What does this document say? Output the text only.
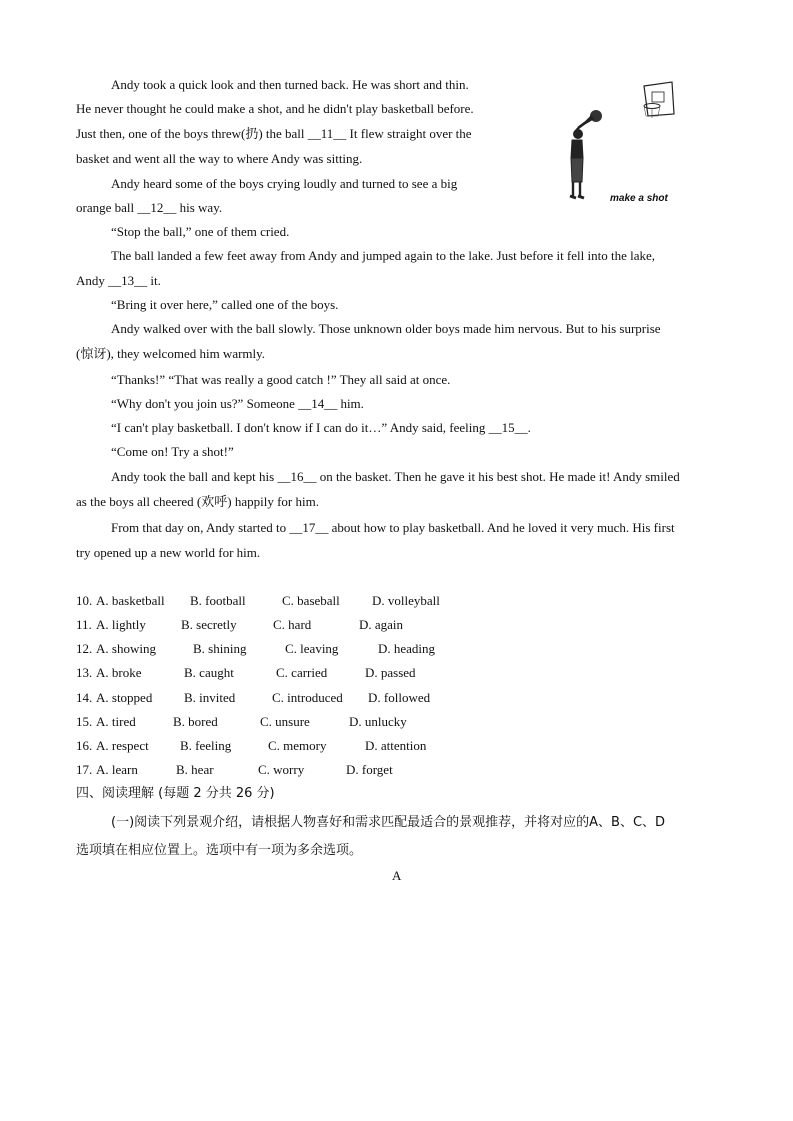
Andy took a quick look and then turned back. He was short and thin.
He never thought he could make a shot, and he didn't play basketball before.
Just then, one of the boys threw(扔) the ball __11__ It flew straight over the
basket and went all the way to where Andy was sitting.
Andy heard some of the boys crying loudly and turned to see a big
orange ball __12__ his way.
“Stop the ball,” one of them cried.
The ball landed a few feet away from Andy and jumped again to the lake. Just before it fell into the lake,
Andy __13__ it.
“Bring it over here,” called one of the boys.
Andy walked over with the ball slowly. Those unknown older boys made him nervous. But to his surprise
(惊讶), they welcomed him warmly.
“Thanks!” “That was really a good catch !” They all said at once.
“Why don't you join us?” Someone __14__ him.
“I can't play basketball. I don't know if I can do it…” Andy said, feeling __15__.
“Come on! Try a shot!”
Andy took the ball and kept his __16__ on the basket. Then he gave it his best shot. He made it! Andy smiled
as the boys all cheered (欢呼) happily for him.
From that day on, Andy started to __17__ about how to play basketball. And he loved it very much. His first
try opened up a new world for him.
make a shot
10. A. basketball B. football	C. baseball D. volleyball
11. A. lightly	B. secretly	C. hard	D. again
12. A. showing	B. shining	C. leaving	D. heading
13. A. broke	B. caught	C. carried	D. passed
14. A. stopped B. invited	C. introduced D. followed
15. A. tired	B. bored	C. unsure	D. unlucky
16. A. respect B. feeling	C. memory	D. attention
17. A. learn	B. hear	C. worry	D. forget
四、阅读理解 (每题 2 分共 26 分)
(一)阅读下列景观介绍，请根据人物喜好和需求匹配最适合的景观推荐，并将对应的A、B、C、D
选项填在相应位置上。选项中有一项为多余选项。
A
